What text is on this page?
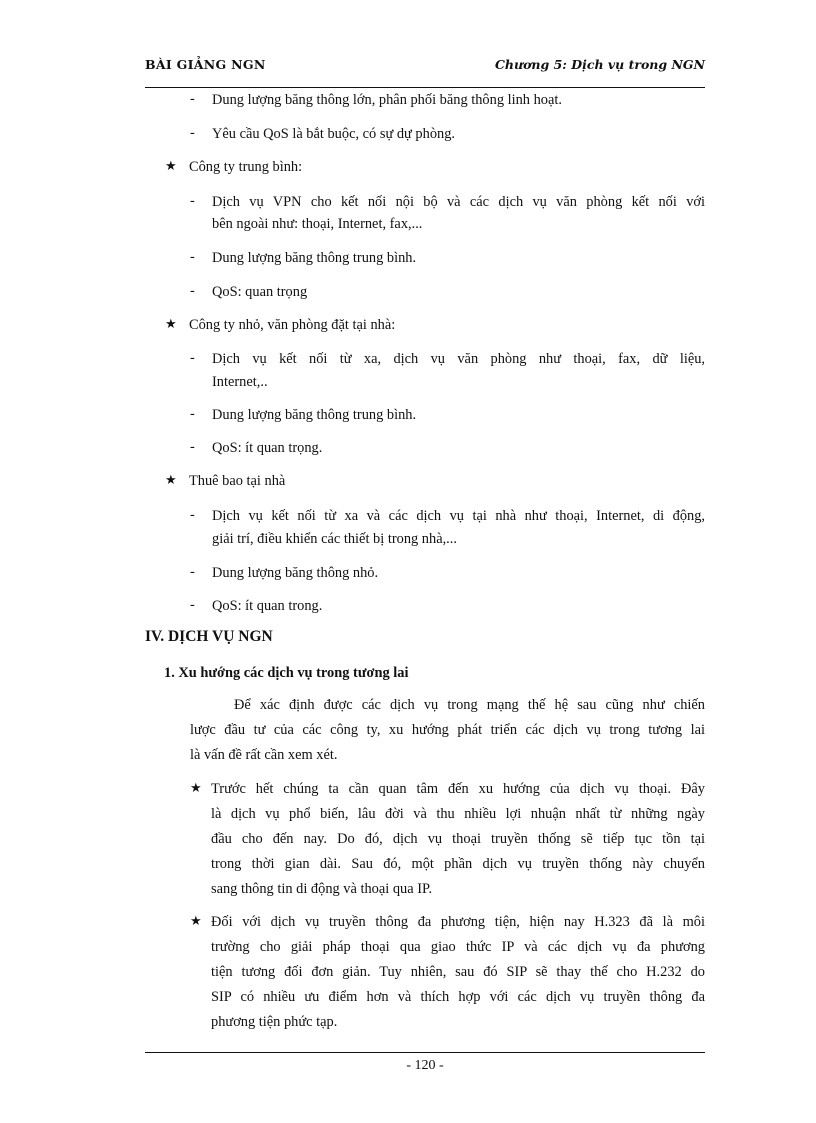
BÀI GIẢNG NGN	Chương 5: Dịch vụ trong NGN
- Dung lượng băng thông lớn, phân phối băng thông linh hoạt.
- Yêu cầu QoS là bắt buộc, có sự dự phòng.
★ Công ty trung bình:
- Dịch vụ VPN cho kết nối nội bộ và các dịch vụ văn phòng kết nối với
bên ngoài như: thoại, Internet, fax,...
- Dung lượng băng thông trung bình.
- QoS: quan trọng
★ Công ty nhỏ, văn phòng đặt tại nhà:
- Dịch vụ kết nối từ xa, dịch vụ văn phòng như thoại, fax, dữ liệu,
Internet,..
- Dung lượng băng thông trung bình.
- QoS: ít quan trọng.
★ Thuê bao tại nhà
- Dịch vụ kết nối từ xa và các dịch vụ tại nhà như thoại, Internet, di động,
giải trí, điều khiển các thiết bị trong nhà,...
- Dung lượng băng thông nhỏ.
- QoS: ít quan trong.
IV. DỊCH VỤ NGN
1. Xu hướng các dịch vụ trong tương lai
Để xác định được các dịch vụ trong mạng thế hệ sau cũng như chiến
lược đầu tư của các công ty, xu hướng phát triển các dịch vụ trong tương lai
là vấn đề rất cần xem xét.
★ Trước hết chúng ta cần quan tâm đến xu hướng của dịch vụ thoại. Đây
là dịch vụ phổ biến, lâu đời và thu nhiều lợi nhuận nhất từ những ngày
đầu cho đến nay. Do đó, dịch vụ thoại truyền thống sẽ tiếp tục tồn tại
trong thời gian dài. Sau đó, một phần dịch vụ truyền thống này chuyển
sang thông tin di động và thoại qua IP.
★ Đối với dịch vụ truyền thông đa phương tiện, hiện nay H.323 đã là môi
trường cho giải pháp thoại qua giao thức IP và các dịch vụ đa phương
tiện tương đối đơn giản. Tuy nhiên, sau đó SIP sẽ thay thế cho H.232 do
SIP có nhiều ưu điểm hơn và thích hợp với các dịch vụ truyền thông đa
phương tiện phức tạp.
- 120 -
